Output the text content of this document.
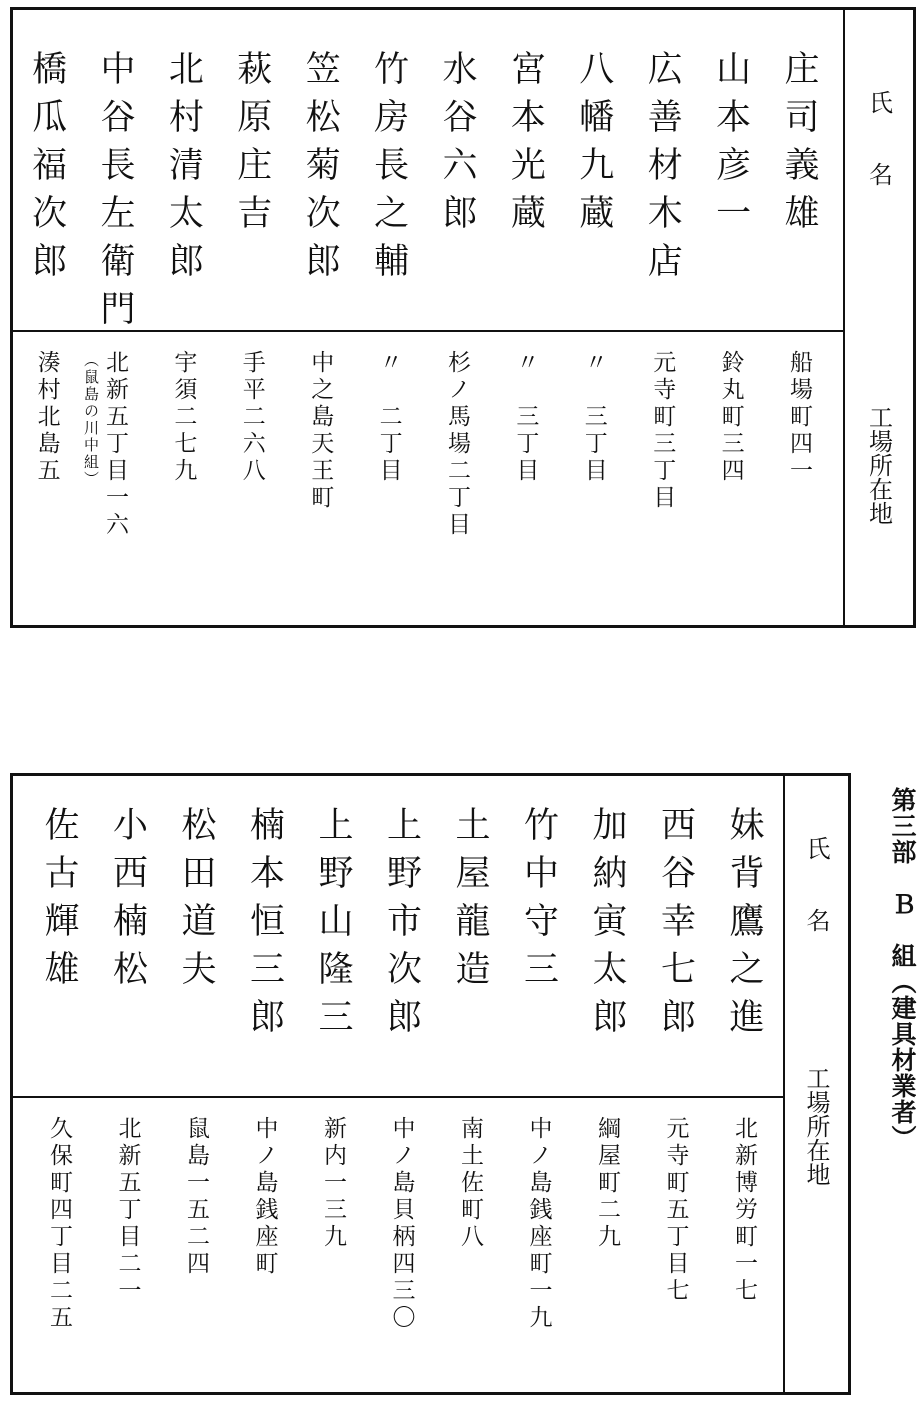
第三部　Ｂ　組（建具材業者）
氏　　名
工場所在地
庄司義雄
船場町四一
山本彦一
鈴丸町三四
広善材木店
元寺町三丁目
八幡九蔵
〃　三丁目
宮本光蔵
〃　三丁目
水谷六郎
杉ノ馬場二丁目
竹房長之輔
〃　二丁目
笠松菊次郎
中之島天王町
萩原庄吉
手平二六八
北村清太郎
宇須二七九
中谷長左衛門
北新五丁目一六
（鼠島の川中組）
橋瓜福次郎
湊村北島五
氏　　名
工場所在地
妹背鷹之進
北新博労町一七
西谷幸七郎
元寺町五丁目七
加納寅太郎
綱屋町二九
竹中守三
中ノ島銭座町一九
土屋龍造
南土佐町八
上野市次郎
中ノ島貝柄四三〇
上野山隆三
新内一三九
楠本恒三郎
中ノ島銭座町
松田道夫
鼠島一五二四
小西楠松
北新五丁目二一
佐古輝雄
久保町四丁目二五
